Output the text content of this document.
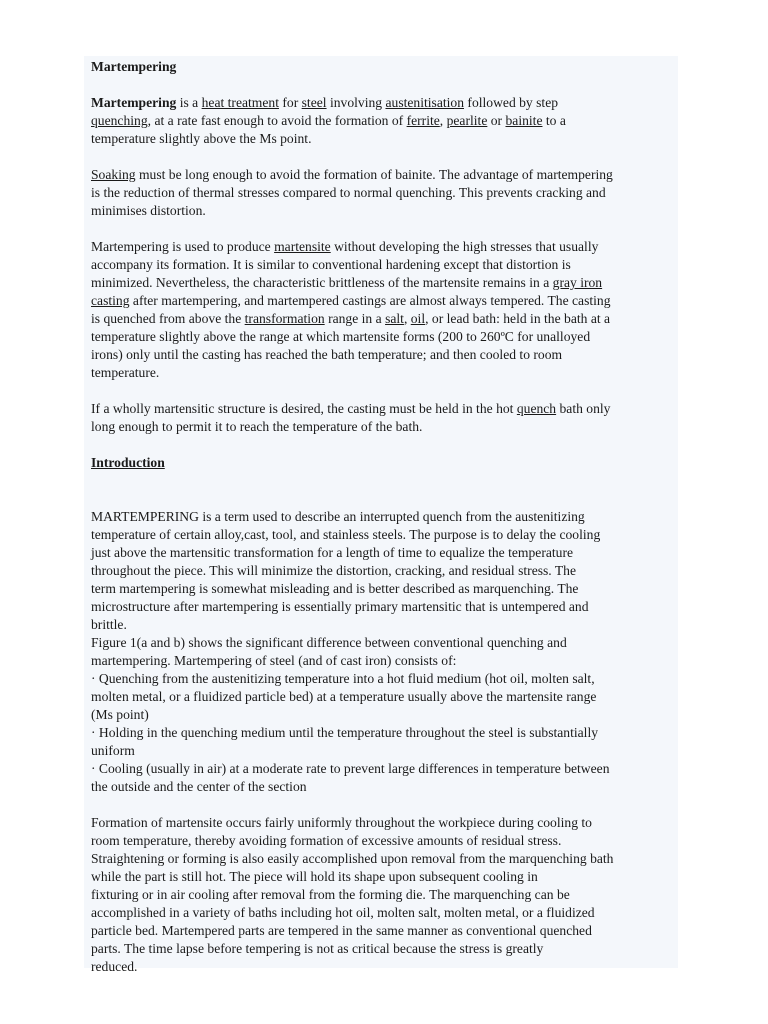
Martempering
Martempering is a heat treatment for steel involving austenitisation followed by step
quenching, at a rate fast enough to avoid the formation of ferrite, pearlite or bainite to a
temperature slightly above the Ms point.
Soaking must be long enough to avoid the formation of bainite. The advantage of martempering
is the reduction of thermal stresses compared to normal quenching. This prevents cracking and
minimises distortion.
Martempering is used to produce martensite without developing the high stresses that usually
accompany its formation. It is similar to conventional hardening except that distortion is
minimized. Nevertheless, the characteristic brittleness of the martensite remains in a gray iron
casting after martempering, and martempered castings are almost always tempered. The casting
is quenched from above the transformation range in a salt, oil, or lead bath: held in the bath at a
temperature slightly above the range at which martensite forms (200 to 260ºC for unalloyed
irons) only until the casting has reached the bath temperature; and then cooled to room
temperature.
If a wholly martensitic structure is desired, the casting must be held in the hot quench bath only
long enough to permit it to reach the temperature of the bath.
Introduction
MARTEMPERING is a term used to describe an interrupted quench from the austenitizing
temperature of certain alloy,cast, tool, and stainless steels. The purpose is to delay the cooling
just above the martensitic transformation for a length of time to equalize the temperature
throughout the piece. This will minimize the distortion, cracking, and residual stress. The
term martempering is somewhat misleading and is better described as marquenching. The
microstructure after martempering is essentially primary martensitic that is untempered and
brittle.
Figure 1(a and b) shows the significant difference between conventional quenching and
martempering. Martempering of steel (and of cast iron) consists of:
· Quenching from the austenitizing temperature into a hot fluid medium (hot oil, molten salt,
molten metal, or a fluidized particle bed) at a temperature usually above the martensite range
(Ms point)
· Holding in the quenching medium until the temperature throughout the steel is substantially
uniform
· Cooling (usually in air) at a moderate rate to prevent large differences in temperature between
the outside and the center of the section
Formation of martensite occurs fairly uniformly throughout the workpiece during cooling to
room temperature, thereby avoiding formation of excessive amounts of residual stress.
Straightening or forming is also easily accomplished upon removal from the marquenching bath
while the part is still hot. The piece will hold its shape upon subsequent cooling in
fixturing or in air cooling after removal from the forming die. The marquenching can be
accomplished in a variety of baths including hot oil, molten salt, molten metal, or a fluidized
particle bed. Martempered parts are tempered in the same manner as conventional quenched
parts. The time lapse before tempering is not as critical because the stress is greatly
reduced.
